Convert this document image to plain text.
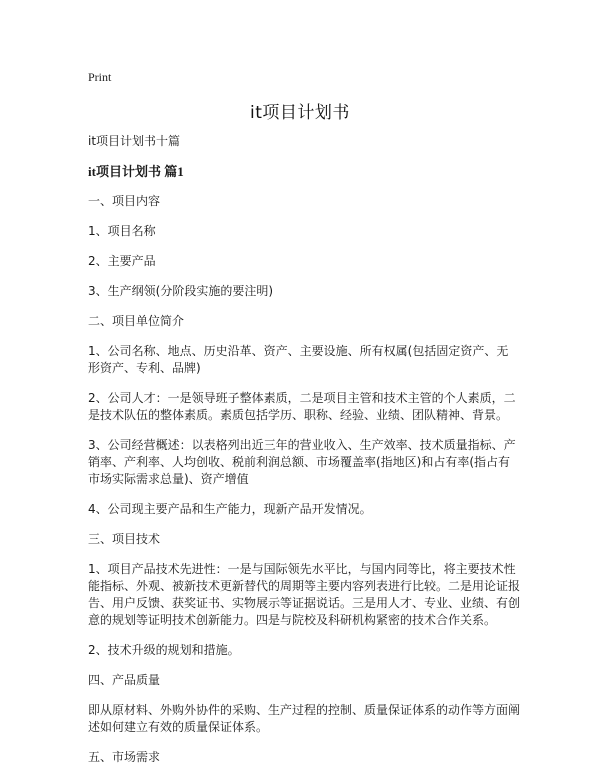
Print
it项目计划书

it项目计划书十篇

it项目计划书 篇1

一、项目内容

1、项目名称

2、主要产品

3、生产纲领(分阶段实施的要注明)

二、项目单位简介

1、公司名称、地点、历史沿革、资产、主要设施、所有权属(包括固定资产、无形资产、专利、品牌)

2、公司人才：一是领导班子整体素质，二是项目主管和技术主管的个人素质，二是技术队伍的整体素质。素质包括学历、职称、经验、业绩、团队精神、背景。

3、公司经营概述：以表格列出近三年的营业收入、生产效率、技术质量指标、产销率、产利率、人均创收、税前利润总额、市场覆盖率(指地区)和占有率(指占有市场实际需求总量)、资产增值

4、公司现主要产品和生产能力，现新产品开发情况。

三、项目技术

1、项目产品技术先进性：一是与国际领先水平比，与国内同等比，将主要技术性能指标、外观、被新技术更新替代的周期等主要内容列表进行比较。二是用论证报告、用户反馈、获奖证书、实物展示等证据说话。三是用人才、专业、业绩、有创意的规划等证明技术创新能力。四是与院校及科研机构紧密的技术合作关系。

2、技术升级的规划和措施。

四、产品质量

即从原材料、外购外协件的采购、生产过程的控制、质量保证体系的动作等方面阐述如何建立有效的质量保证体系。

五、市场需求
